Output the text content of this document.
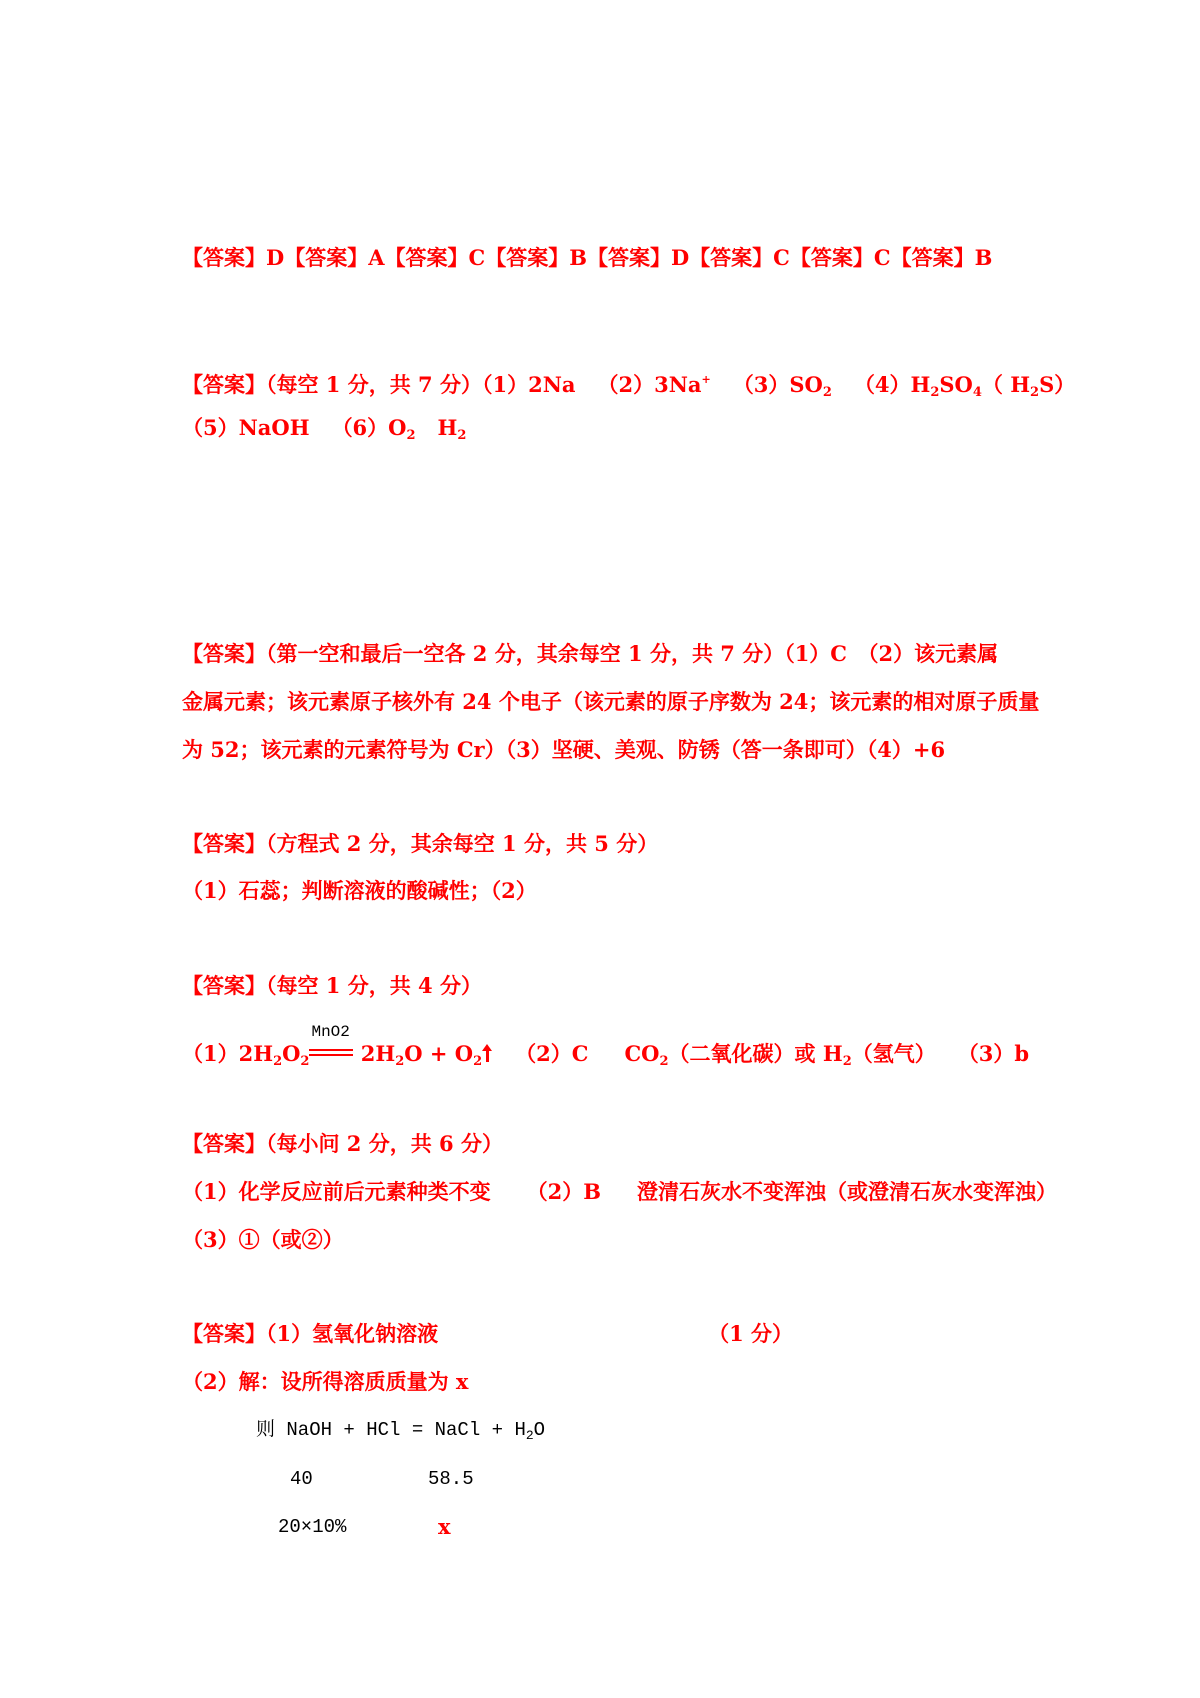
【答案】D【答案】A【答案】C【答案】B【答案】D【答案】C【答案】C【答案】B
【答案】（每空 1 分，共 7 分）（1）2Na （2）3Na+ $(3)SO_2$ $(4)H_2SO_4$（ $H_2S$）
（5）NaOH $(6)O_2$ $H_2$
【答案】（第一空和最后一空各 2 分，其余每空 1 分，共 7 分）（1）C　（2）该元素属
金属元素；该元素原子核外有 24 个电子（该元素的原子序数为 24；该元素的相对原子质量
为 52；该元素的元素符号为 Cr）（3）坚硬、美观、防锈（答一条即可）（4）+6
【答案】（方程式 2 分，其余每空 1 分，共 5 分）
（1）石蕊；判断溶液的酸碱性；（2）
【答案】（每空 1 分，共 4 分）
$(1)2H_2O_2$
MnO2
$2H_2O + O_2$ （2）C $CO_2$（二氧化碳）或 $H_2$（氢气） （3）b
【答案】（每小问 2 分，共 6 分）
（1）化学反应前后元素种类不变 （2）B 澄清石灰水不变浑浊（或澄清石灰水变浑浊）
（3）①（或②）
【答案】（1）氢氧化钠溶液	（1 分）
（2）解：设所得溶质质量为 x
则 NaOH + HCl = NaCl + $H_2O$
40	58.5
20×10%	x
